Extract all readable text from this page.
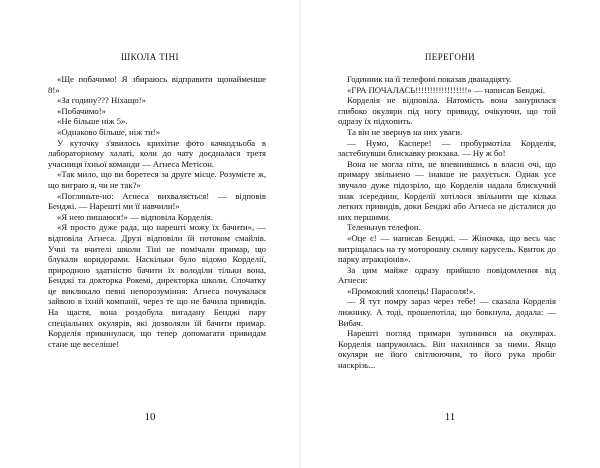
ШКОЛА ТІНІ

«Ще побачимо! Я збираюсь відправити щонайменше 8!»

«За годину??? Ніхащо!»

«Побачимо!»

«Не більше ніж 5».

«Однаково більше, ніж ти!»

У куточку з'явилось крихітне фото качкодзьоба в лабораторному халаті, коли до чату доєдналася третя учасниця їхньої команди — Агнеса Метісон.

«Так мило, що ви боретеся за друге місце. Розумієте ж, що виграю я, чи не так?»

«Погляньте-но: Агнеса вихваляється! — відповів Бенджі. — Нарешті ми її навчили!»

«Я нею пишаюся!» — відповіла Корделія.

«Я просто дуже рада, що нарешті можу їх бачити», — відповіла Агнеса. Друзі відповіли їй потоком смайлів. Учні та вчителі школи Тіні не помічали примар, що блукали коридорами. Наскільки було відомо Корделії, природною здатністю бачити їх володіли тільки вона, Бенджі та докторка Рокемі, директорка школи. Спочатку це викликало певні непорозуміння: Агнеса почувалася зайвою в їхній компанії, через те що не бачила привидів. На щастя, вона роздобула вигадану Бенджі пару спеціальних окулярів, які дозволяли їй бачити примар. Корделія прикинулася, що тепер допомагати привидам стане ще веселіше!

10
ПЕРЕГОНИ

Годинник на її телефоні показав дванадцяту.

«ГРА ПОЧАЛАСЬ!!!!!!!!!!!!!!!!!!» — написав Бенджі.

Корделія не відповіла. Натомість вона занурилася глибоко окуляри під ногу привиду, очікуючи, що той одразу їх підхопить.

Та він не звернув на них уваги.

— Нумо, Каспере! — пробурмотіла Корделія, застебнувши блискавку рюкзака. — Ну ж бо!

Вона не могла піти, не впевнившись в власні очі, що примару звільнено — інакше не рахується. Однак усе звучало дуже підозріло, що Корделія надала блискучий знак зсередини, Корделії хотілося звільнити ще кілька легких привидів, доки Бенджі або Агнеса не дісталися до них першими.

Теленьнув телефон.

«Оце є! — написав Бенджі. — Жіночка, що весь час витріщалась на ту моторошну скляну карусель. Квиток до парку атракціонів».

За цим майже одразу прийшло повідомлення від Агнеси:

«Промоклий хлопець! Парасоля!».

— Я тут помру зараз через тебе! — сказала Корделія лижнику. А тоді, прошепотіла, що бовкнула, додала: — Вибач.

Нарешті погляд примари зупинився на окулярах. Корделія напружилась. Він нахилився за ними. Якщо окуляри не його світлюючим, то його рука пробіг наскрізь...

11
